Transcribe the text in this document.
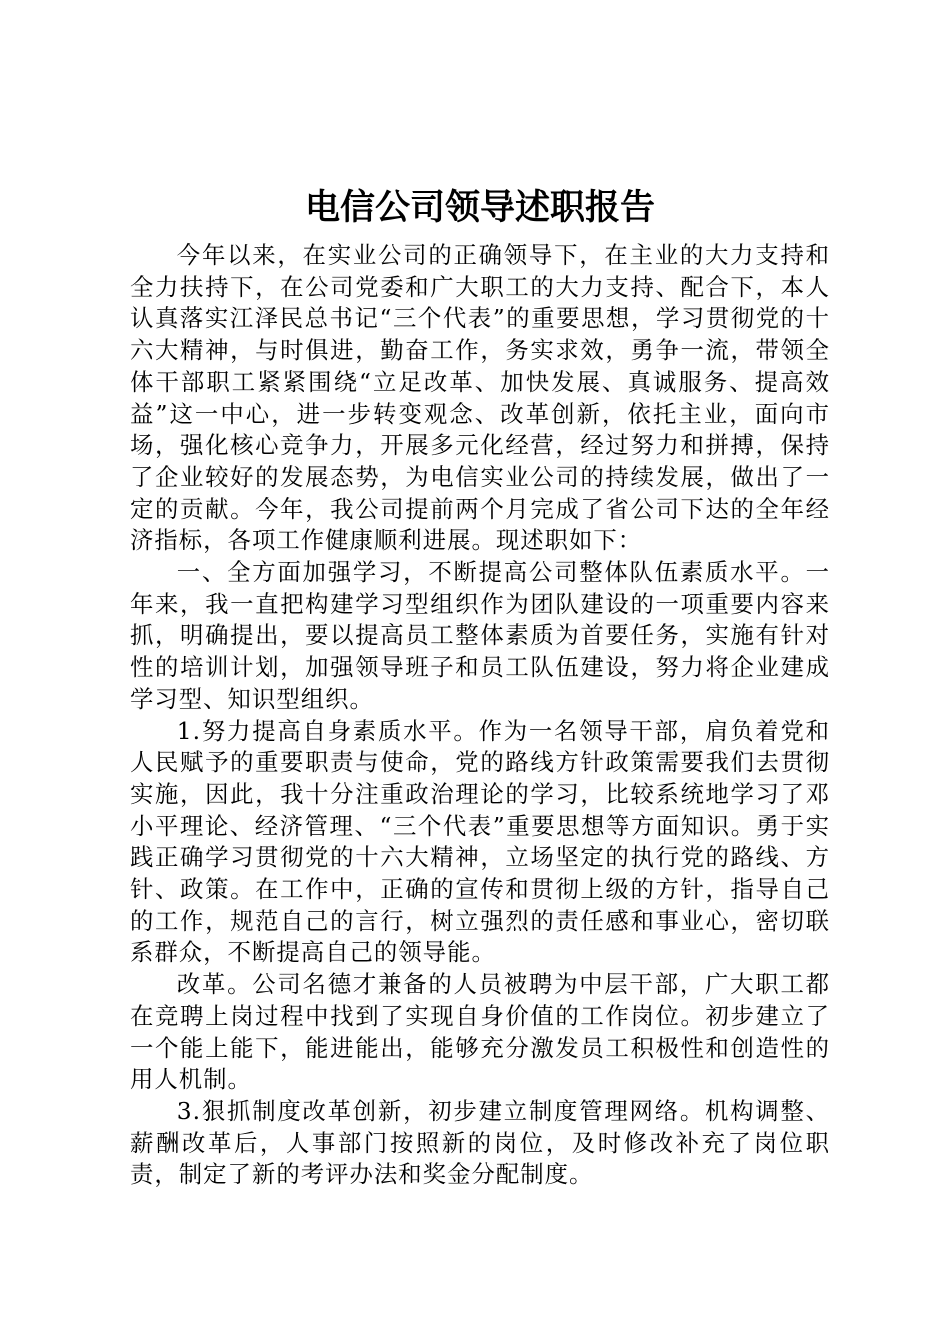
电信公司领导述职报告

今年以来，在实业公司的正确领导下，在主业的大力支持和全力扶持下，在公司党委和广大职工的大力支持、配合下，本人认真落实江泽民总书记“三个代表”的重要思想，学习贯彻党的十六大精神，与时俱进，勤奋工作，务实求效，勇争一流，带领全体干部职工紧紧围绕“立足改革、加快发展、真诚服务、提高效益”这一中心，进一步转变观念、改革创新，依托主业，面向市场，强化核心竞争力，开展多元化经营，经过努力和拼搏，保持了企业较好的发展态势，为电信实业公司的持续发展，做出了一定的贡献。今年，我公司提前两个月完成了省公司下达的全年经济指标，各项工作健康顺利进展。现述职如下：

一、全方面加强学习，不断提高公司整体队伍素质水平。一年来，我一直把构建学习型组织作为团队建设的一项重要内容来抓，明确提出，要以提高员工整体素质为首要任务，实施有针对性的培训计划，加强领导班子和员工队伍建设，努力将企业建成学习型、知识型组织。

1.努力提高自身素质水平。作为一名领导干部，肩负着党和人民赋予的重要职责与使命，党的路线方针政策需要我们去贯彻实施，因此，我十分注重政治理论的学习，比较系统地学习了邓小平理论、经济管理、“三个代表”重要思想等方面知识。勇于实践正确学习贯彻党的十六大精神，立场坚定的执行党的路线、方针、政策。在工作中，正确的宣传和贯彻上级的方针，指导自己的工作，规范自己的言行，树立强烈的责任感和事业心，密切联系群众，不断提高自己的领导能。

改革。公司名德才兼备的人员被聘为中层干部，广大职工都在竞聘上岗过程中找到了实现自身价值的工作岗位。初步建立了一个能上能下，能进能出，能够充分激发员工积极性和创造性的用人机制。

3.狠抓制度改革创新，初步建立制度管理网络。机构调整、薪酬改革后，人事部门按照新的岗位，及时修改补充了岗位职责，制定了新的考评办法和奖金分配制度。
